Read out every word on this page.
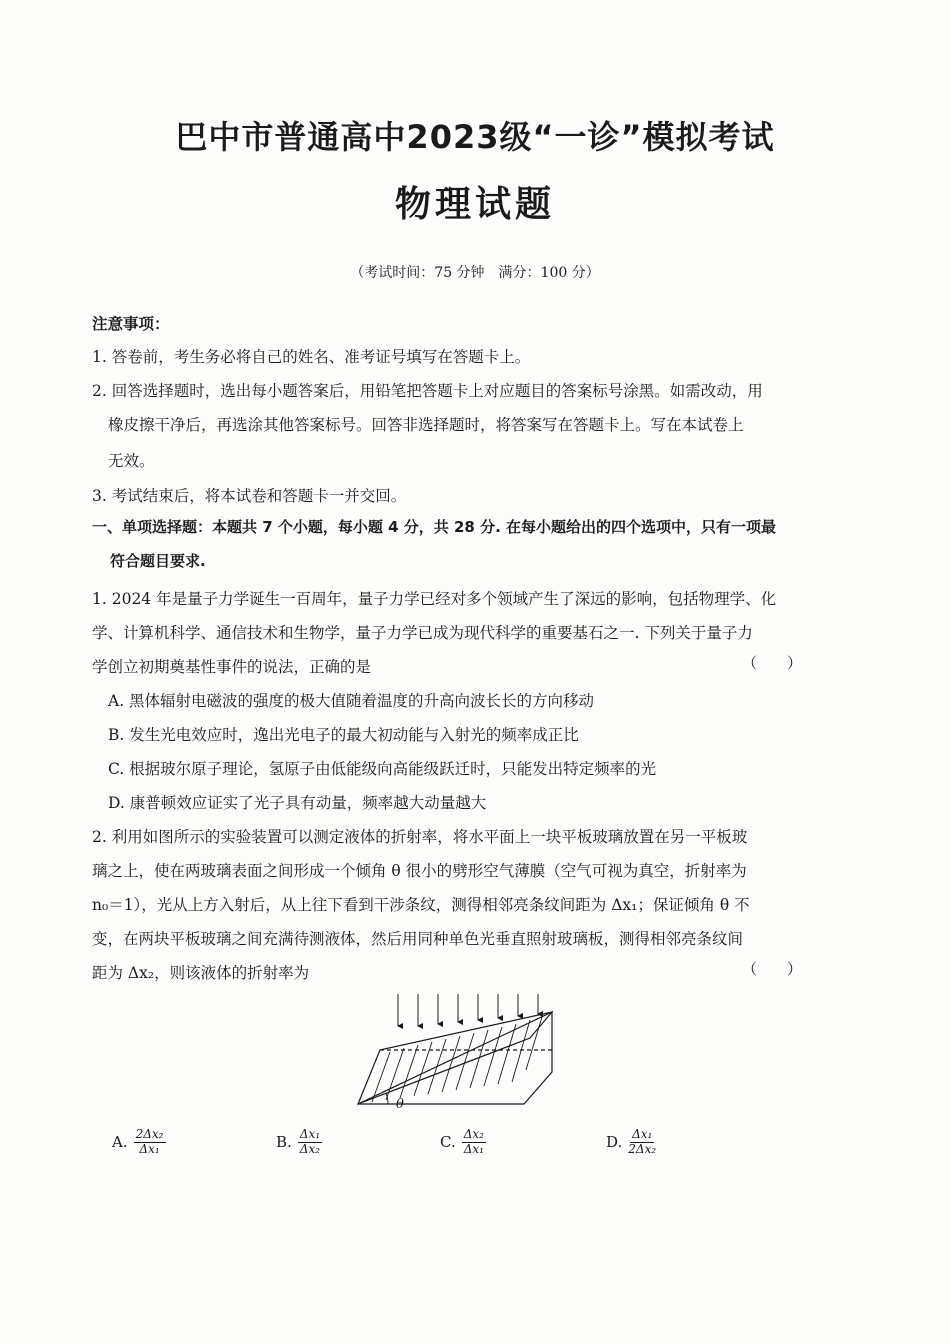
巴中市普通高中2023级“一诊”模拟考试
物理试题
（考试时间：75 分钟　满分：100 分）
注意事项：
1. 答卷前，考生务必将自己的姓名、准考证号填写在答题卡上。
2. 回答选择题时，选出每小题答案后，用铅笔把答题卡上对应题目的答案标号涂黑。如需改动，用
橡皮擦干净后，再选涂其他答案标号。回答非选择题时，将答案写在答题卡上。写在本试卷上
无效。
3. 考试结束后，将本试卷和答题卡一并交回。
一、单项选择题：本题共 7 个小题，每小题 4 分，共 28 分. 在每小题给出的四个选项中，只有一项最
符合题目要求.
1. 2024 年是量子力学诞生一百周年，量子力学已经对多个领域产生了深远的影响，包括物理学、化
学、计算机科学、通信技术和生物学，量子力学已成为现代科学的重要基石之一. 下列关于量子力
学创立初期奠基性事件的说法，正确的是	（　　）
A. 黑体辐射电磁波的强度的极大值随着温度的升高向波长长的方向移动
B. 发生光电效应时，逸出光电子的最大初动能与入射光的频率成正比
C. 根据玻尔原子理论，氢原子由低能级向高能级跃迁时，只能发出特定频率的光
D. 康普顿效应证实了光子具有动量，频率越大动量越大
2. 利用如图所示的实验装置可以测定液体的折射率，将水平面上一块平板玻璃放置在另一平板玻
璃之上，使在两玻璃表面之间形成一个倾角 θ 很小的劈形空气薄膜（空气可视为真空，折射率为
n₀＝1），光从上方入射后，从上往下看到干涉条纹，测得相邻亮条纹间距为 Δx₁；保证倾角 θ 不
变，在两块平板玻璃之间充满待测液体，然后用同种单色光垂直照射玻璃板，测得相邻亮条纹间
距为 Δx₂，则该液体的折射率为	（　　）
θ
A. $\frac{\text{2Δx₂}}{\text{Δx₁}}$	B. $\frac{\text{Δx₁}}{\text{Δx₂}}$	C. $\frac{\text{Δx₂}}{\text{Δx₁}}$	D. $\frac{\text{Δx₁}}{\text{2Δx₂}}$
